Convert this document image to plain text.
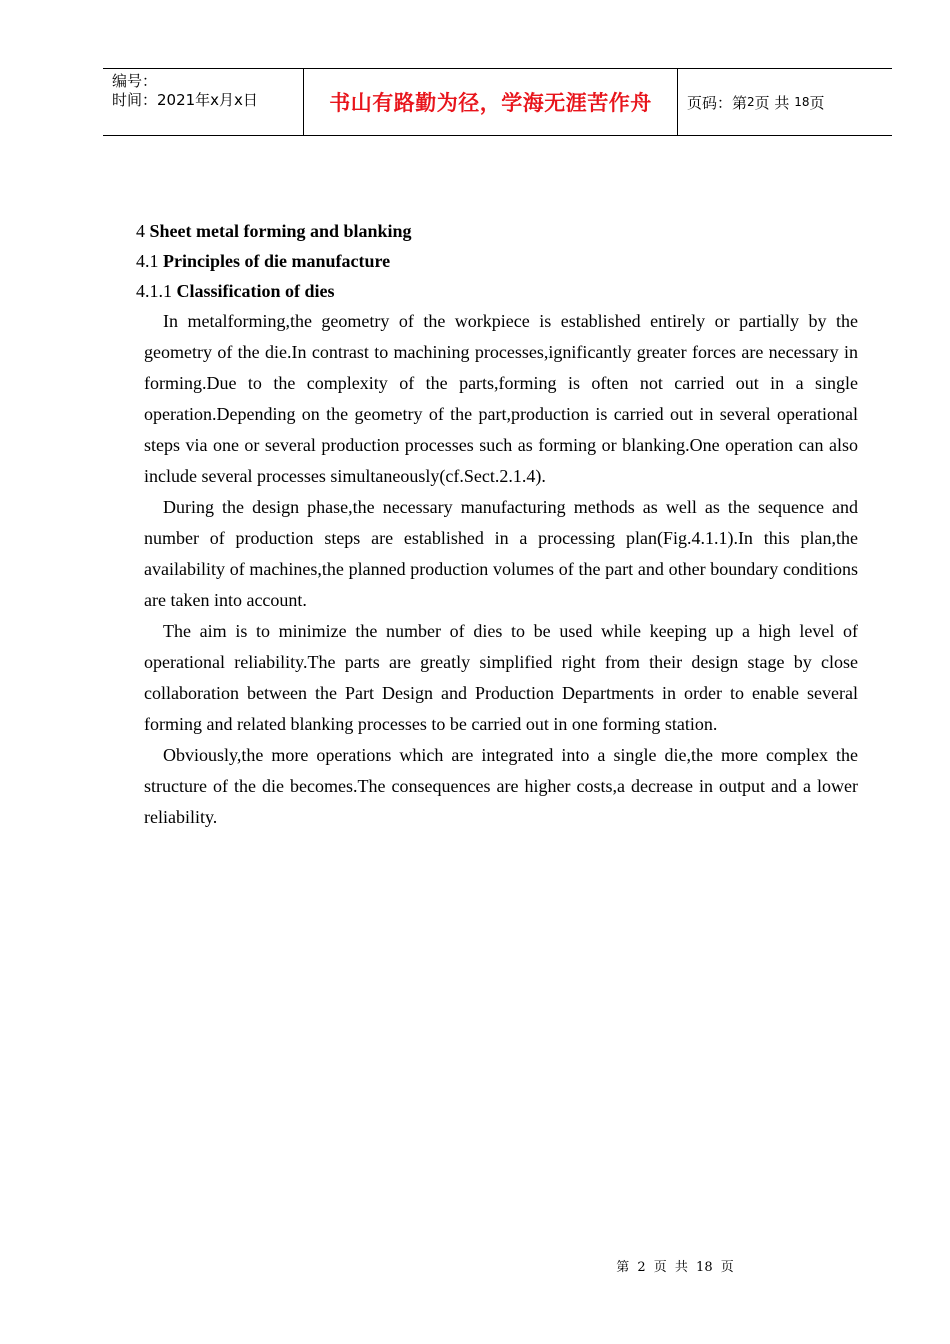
编号：
时间：2021年x月x日	书山有路勤为径，学海无涯苦作舟 页码：第 2 页 共
18 页
4 Sheet metal forming and blanking
4.1 Principles of die manufacture
4.1.1 Classification of dies

In metalforming,the geometry of the workpiece is established entirely or partially by the geometry of the die.In contrast to machining processes,ignificantly greater forces are necessary in forming.Due to the complexity of the parts,forming is often not carried out in a single operation.Depending on the geometry of the part,production is carried out in several operational steps via one or several production processes such as forming or blanking.One operation can also include several processes simultaneously(cf.Sect.2.1.4).

During the design phase,the necessary manufacturing methods as well as the sequence and number of production steps are established in a processing plan(Fig.4.1.1).In this plan,the availability of machines,the planned production volumes of the part and other boundary conditions are taken into account.

The aim is to minimize the number of dies to be used while keeping up a high level of operational reliability.The parts are greatly simplified right from their design stage by close collaboration between the Part Design and Production Departments in order to enable several forming and related blanking processes to be carried out in one forming station.

Obviously,the more operations which are integrated into a single die,the more complex the structure of the die becomes.The consequences are higher costs,a decrease in output and a lower reliability.

第 2 页 共 18 页
